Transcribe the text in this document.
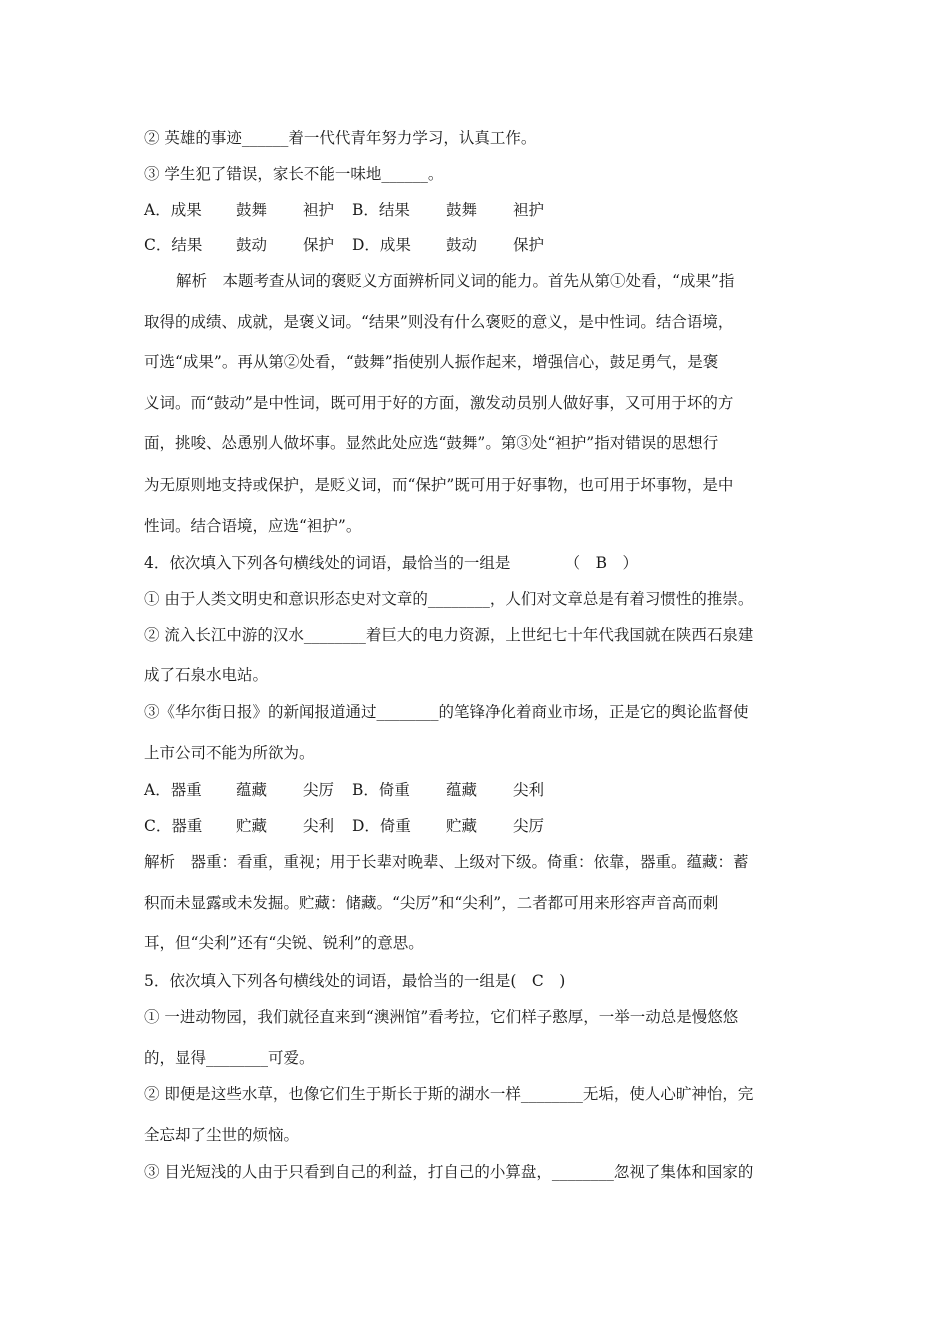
② 英雄的事迹______着一代代青年努力学习，认真工作。
③ 学生犯了错误，家长不能一味地______。
A．成果 鼓舞 袒护 B．结果 鼓舞 袒护
C．结果 鼓动 保护 D．成果 鼓动 保护
解析　本题考查从词的褒贬义方面辨析同义词的能力。首先从第①处看，“成果”指
取得的成绩、成就，是褒义词。“结果”则没有什么褒贬的意义，是中性词。结合语境，
可选“成果”。再从第②处看，“鼓舞”指使别人振作起来，增强信心，鼓足勇气，是褒
义词。而“鼓动”是中性词，既可用于好的方面，激发动员别人做好事，又可用于坏的方
面，挑唆、怂恿别人做坏事。显然此处应选“鼓舞”。第③处“袒护”指对错误的思想行
为无原则地支持或保护，是贬义词，而“保护”既可用于好事物，也可用于坏事物，是中
性词。结合语境，应选“袒护”。
4．依次填入下列各句横线处的词语，最恰当的一组是　　　　（　B　）
① 由于人类文明史和意识形态史对文章的________，人们对文章总是有着习惯性的推崇。
② 流入长江中游的汉水________着巨大的电力资源，上世纪七十年代我国就在陕西石泉建
成了石泉水电站。
③《华尔街日报》的新闻报道通过________的笔锋净化着商业市场，正是它的舆论监督使
上市公司不能为所欲为。
A．器重 蕴藏 尖厉 B．倚重 蕴藏 尖利
C．器重 贮藏 尖利 D．倚重 贮藏 尖厉
解析　器重：看重，重视；用于长辈对晚辈、上级对下级。倚重：依靠，器重。蕴藏：蓄
积而未显露或未发掘。贮藏：储藏。“尖厉”和“尖利”，二者都可用来形容声音高而刺
耳，但“尖利”还有“尖锐、锐利”的意思。
5．依次填入下列各句横线处的词语，最恰当的一组是(　C　)
① 一进动物园，我们就径直来到“澳洲馆”看考拉，它们样子憨厚，一举一动总是慢悠悠
的，显得________可爱。
② 即便是这些水草，也像它们生于斯长于斯的湖水一样________无垢，使人心旷神怡，完
全忘却了尘世的烦恼。
③ 目光短浅的人由于只看到自己的利益，打自己的小算盘，________忽视了集体和国家的
